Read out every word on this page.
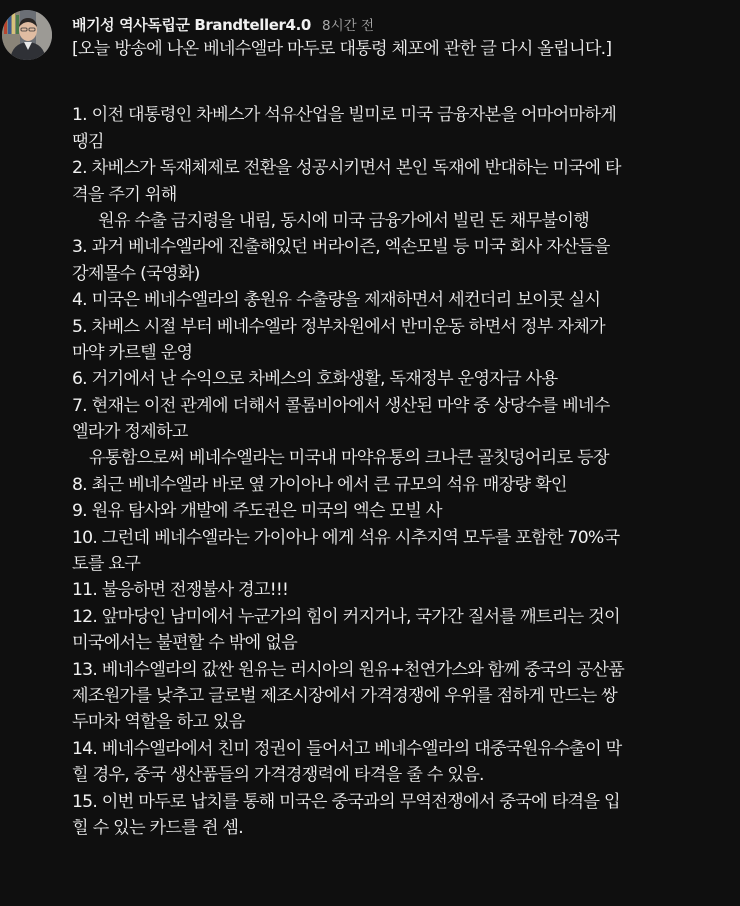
배기성 역사독립군 Brandteller4.0 8시간 전
[오늘 방송에 나온 베네수엘라 마두로 대통령 체포에 관한 글 다시 올립니다.]
1. 이전 대통령인 차베스가 석유산업을 빌미로 미국 금융자본을 어마어마하게
땡김
2. 차베스가 독재체제로 전환을 성공시키면서 본인 독재에 반대하는 미국에 타
격을 주기 위해
원유 수출 금지령을 내림, 동시에 미국 금융가에서 빌린 돈 채무불이행
3. 과거 베네수엘라에 진출해있던 버라이즌, 엑손모빌 등 미국 회사 자산들을
강제몰수 (국영화)
4. 미국은 베네수엘라의 총원유 수출량을 제재하면서 세컨더리 보이콧 실시
5. 차베스 시절 부터 베네수엘라 정부차원에서 반미운동 하면서 정부 자체가
마약 카르텔 운영
6. 거기에서 난 수익으로 차베스의 호화생활, 독재정부 운영자금 사용
7. 현재는 이전 관계에 더해서 콜롬비아에서 생산된 마약 중 상당수를 베네수
엘라가 정제하고
유통함으로써 베네수엘라는 미국내 마약유통의 크나큰 골칫덩어리로 등장
8. 최근 베네수엘라 바로 옆 가이아나 에서 큰 규모의 석유 매장량 확인
9. 원유 탐사와 개발에 주도권은 미국의 엑슨 모빌 사
10. 그런데 베네수엘라는 가이아나 에게 석유 시추지역 모두를 포함한 70%국
토를 요구
11. 불응하면 전쟁불사 경고!!!
12. 앞마당인 남미에서 누군가의 힘이 커지거나, 국가간 질서를 깨트리는 것이
미국에서는 불편할 수 밖에 없음
13. 베네수엘라의 값싼 원유는 러시아의 원유+천연가스와 함께 중국의 공산품
제조원가를 낮추고 글로벌 제조시장에서 가격경쟁에 우위를 점하게 만드는 쌍
두마차 역할을 하고 있음
14. 베네수엘라에서 친미 정권이 들어서고 베네수엘라의 대중국원유수출이 막
힐 경우, 중국 생산품들의 가격경쟁력에 타격을 줄 수 있음.
15. 이번 마두로 납치를 통해 미국은 중국과의 무역전쟁에서 중국에 타격을 입
힐 수 있는 카드를 쥔 셈.
